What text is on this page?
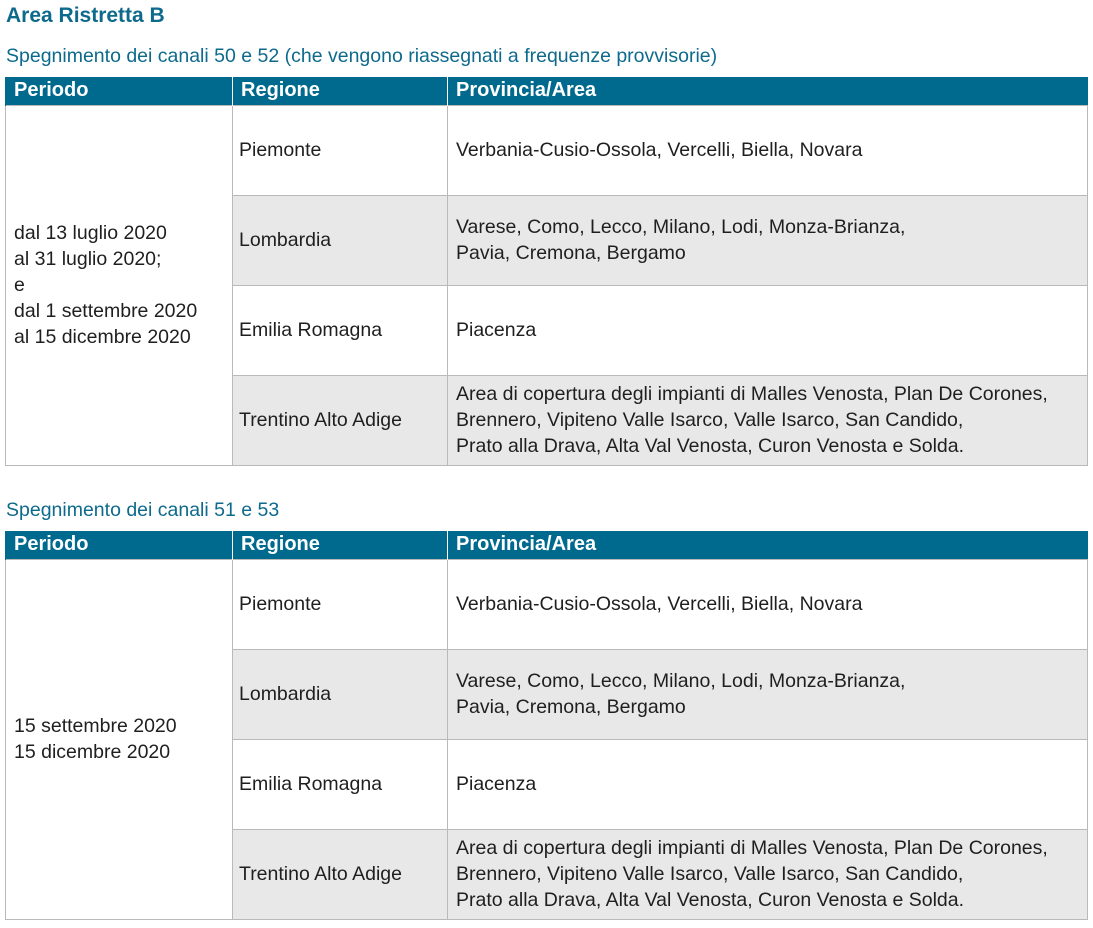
Area Ristretta B
Spegnimento dei canali 50 e 52 (che vengono riassegnati a frequenze provvisorie)
Periodo	Regione	Provincia/Area

dal 13 luglio 2020
al 31 luglio 2020;
e
dal 1 settembre 2020
al 15 dicembre 2020	Piemonte	Verbania-Cusio-Ossola, Vercelli, Biella, Novara

	Lombardia	Varese, Como, Lecco, Milano, Lodi, Monza-Brianza,
Pavia, Cremona, Bergamo

	Emilia Romagna	Piacenza

	Trentino Alto Adige	Area di copertura degli impianti di Malles Venosta, Plan De Corones,
Brennero, Vipiteno Valle Isarco, Valle Isarco, San Candido,
Prato alla Drava, Alta Val Venosta, Curon Venosta e Solda.
Spegnimento dei canali 51 e 53
Periodo	Regione	Provincia/Area

15 settembre 2020
15 dicembre 2020	Piemonte	Verbania-Cusio-Ossola, Vercelli, Biella, Novara

	Lombardia	Varese, Como, Lecco, Milano, Lodi, Monza-Brianza,
Pavia, Cremona, Bergamo

	Emilia Romagna	Piacenza

	Trentino Alto Adige	Area di copertura degli impianti di Malles Venosta, Plan De Corones,
Brennero, Vipiteno Valle Isarco, Valle Isarco, San Candido,
Prato alla Drava, Alta Val Venosta, Curon Venosta e Solda.
